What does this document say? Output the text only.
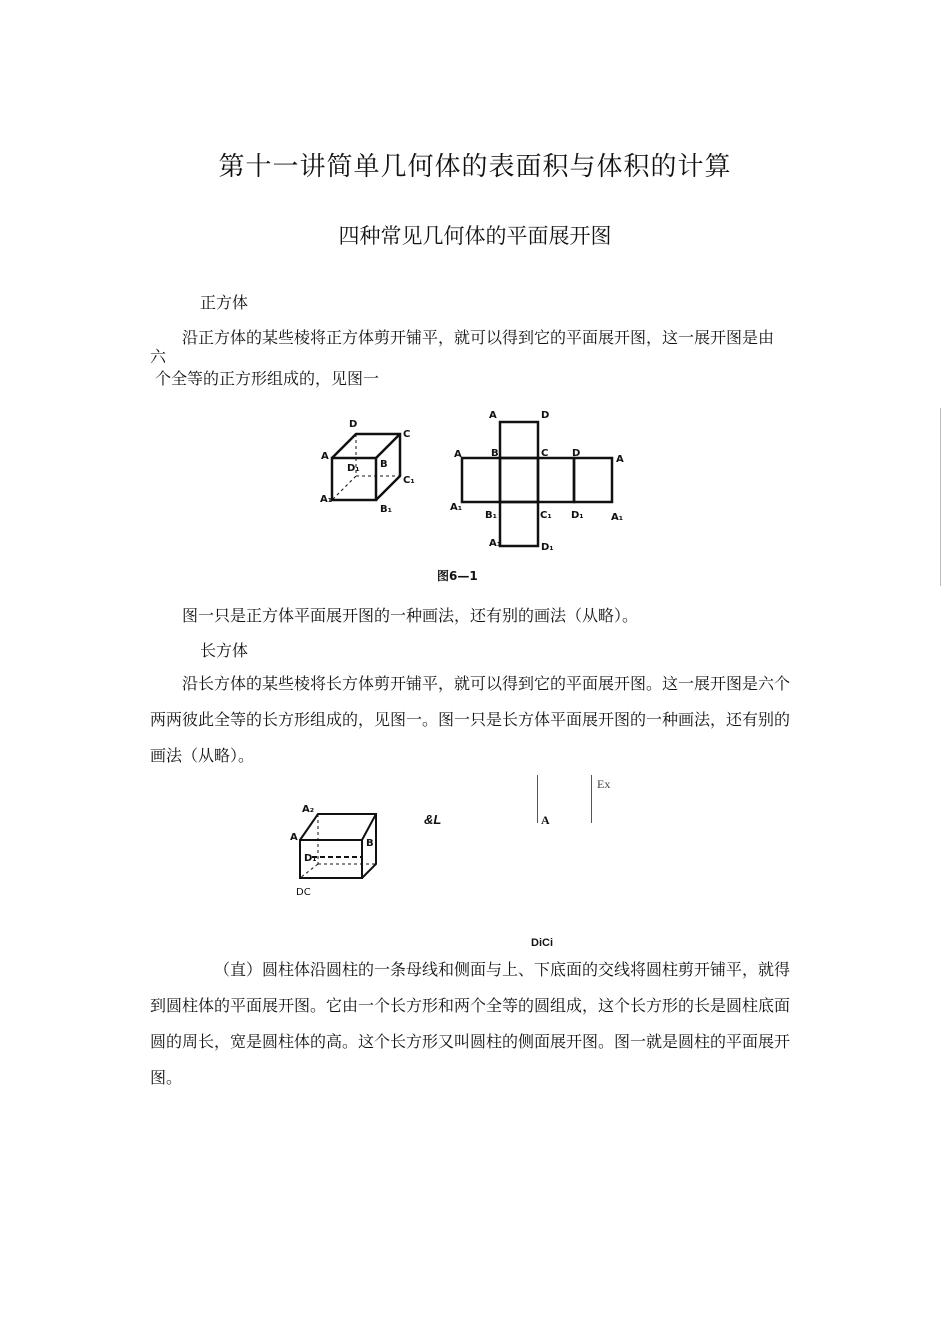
第十一讲简单几何体的表面积与体积的计算
四种常见几何体的平面展开图
正方体
沿正方体的某些棱将正方体剪开铺平，就可以得到它的平面展开图，这一展开图是由
六
个全等的正方形组成的，见图一
D
C
A
B
D₁
A₁
C₁
B₁
A	D
A	B	C D
A
A₁
B₁	C₁ D₁	A₁
A₁	D₁
图6—1
图一只是正方体平面展开图的一种画法，还有别的画法（从略）。
长方体
沿长方体的某些棱将长方体剪开铺平，就可以得到它的平面展开图。这一展开图是六个两两彼此全等的长方形组成的，见图一。图一只是长方体平面展开图的一种画法，还有别的画法（从略）。
A₂
A
B
D₁
DC
&L	A
Ex
DiCi
（直）圆柱体沿圆柱的一条母线和侧面与上、下底面的交线将圆柱剪开铺平，就得到圆柱体的平面展开图。它由一个长方形和两个全等的圆组成，这个长方形的长是圆柱底面圆的周长，宽是圆柱体的高。这个长方形又叫圆柱的侧面展开图。图一就是圆柱的平面展开图。
